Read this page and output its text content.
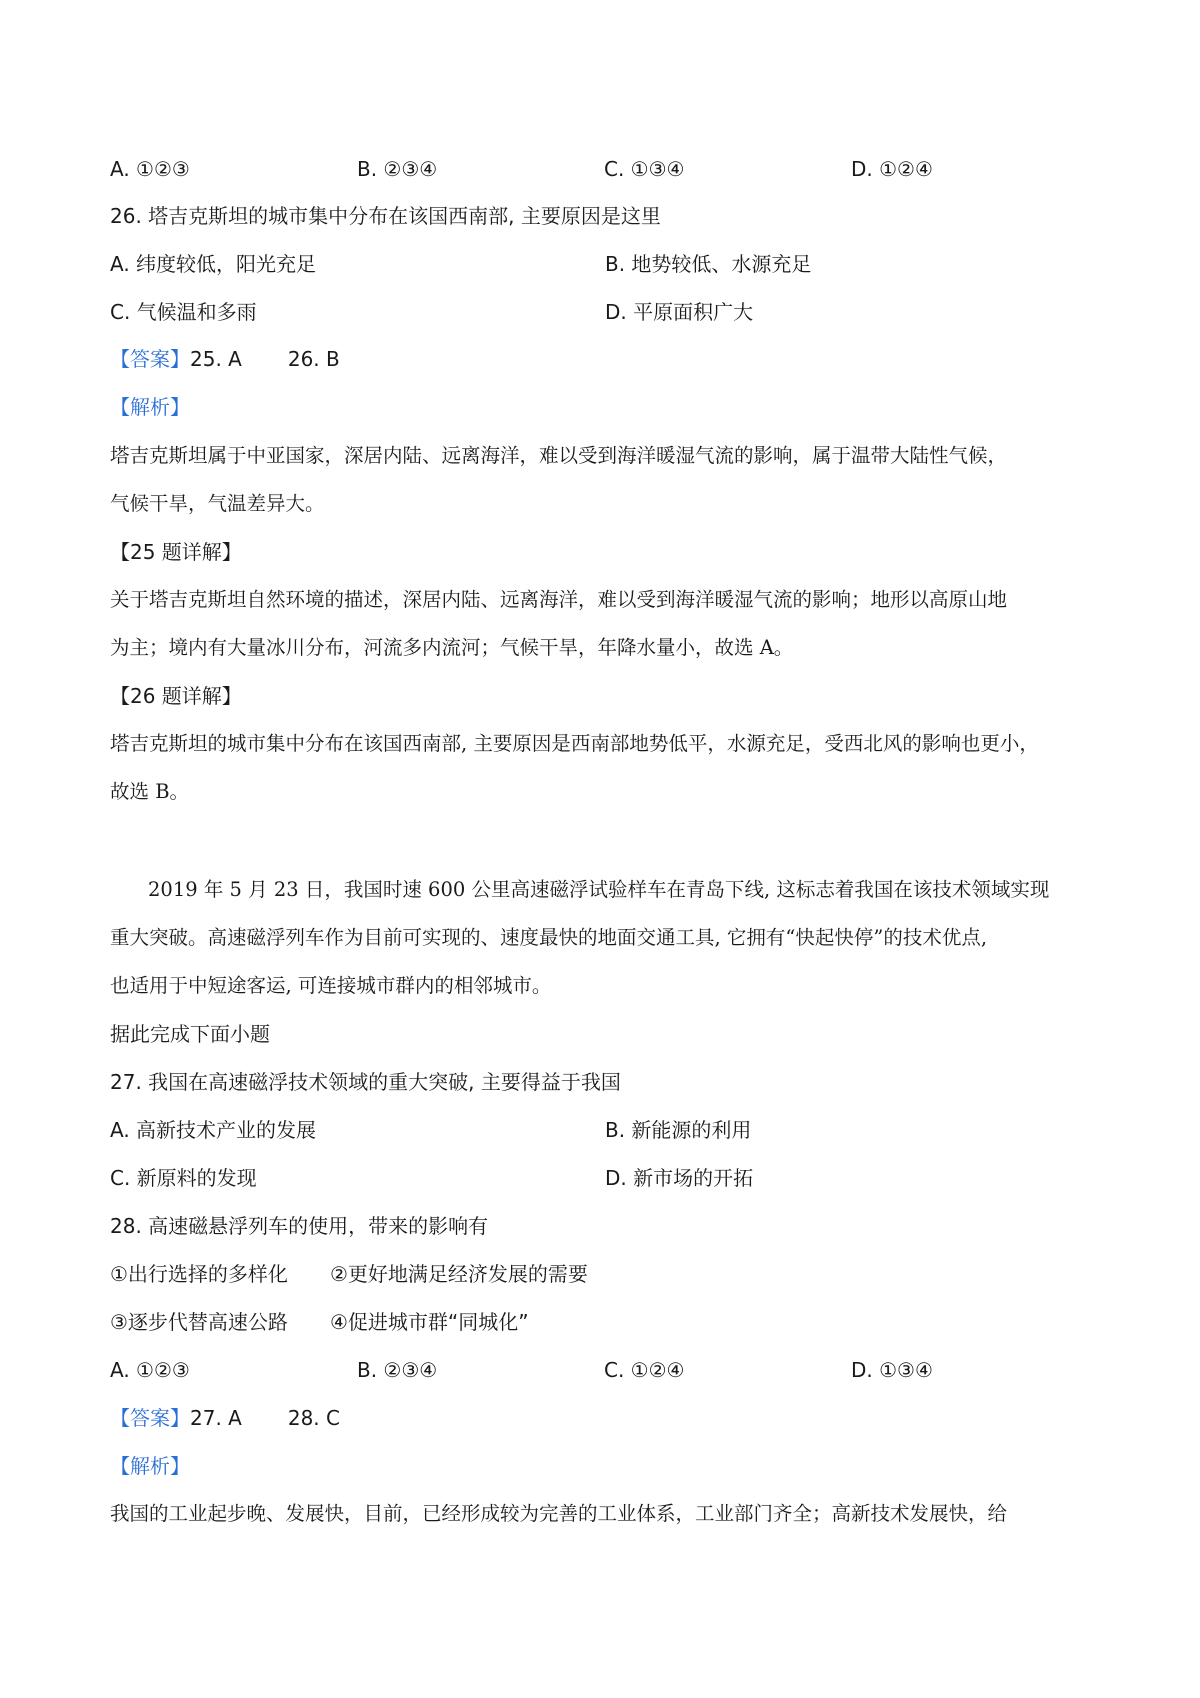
A. ①②③	B. ②③④	C. ①③④	D. ①②④
26. 塔吉克斯坦的城市集中分布在该国西南部, 主要原因是这里
A. 纬度较低，阳光充足	B. 地势较低、水源充足
C. 气候温和多雨	D. 平原面积广大
【答案】25. A 26. B
【解析】
塔吉克斯坦属于中亚国家，深居内陆、远离海洋，难以受到海洋暖湿气流的影响，属于温带大陆性气候，
气候干旱，气温差异大。
【25 题详解】
关于塔吉克斯坦自然环境的描述，深居内陆、远离海洋，难以受到海洋暖湿气流的影响；地形以高原山地
为主；境内有大量冰川分布，河流多内流河；气候干旱，年降水量小，故选 A。
【26 题详解】
塔吉克斯坦的城市集中分布在该国西南部, 主要原因是西南部地势低平，水源充足，受西北风的影响也更小，
故选 B。
2019 年 5 月 23 日，我国时速 600 公里高速磁浮试验样车在青岛下线, 这标志着我国在该技术领域实现
重大突破。高速磁浮列车作为目前可实现的、速度最快的地面交通工具, 它拥有“快起快停”的技术优点,
也适用于中短途客运, 可连接城市群内的相邻城市。
据此完成下面小题
27. 我国在高速磁浮技术领域的重大突破, 主要得益于我国
A. 高新技术产业的发展	B. 新能源的利用
C. 新原料的发现	D. 新市场的开拓
28. 高速磁悬浮列车的使用，带来的影响有
①出行选择的多样化 ②更好地满足经济发展的需要
③逐步代替高速公路 ④促进城市群“同城化”
A. ①②③	B. ②③④	C. ①②④	D. ①③④
【答案】27. A 28. C
【解析】
我国的工业起步晚、发展快，目前，已经形成较为完善的工业体系，工业部门齐全；高新技术发展快，给
